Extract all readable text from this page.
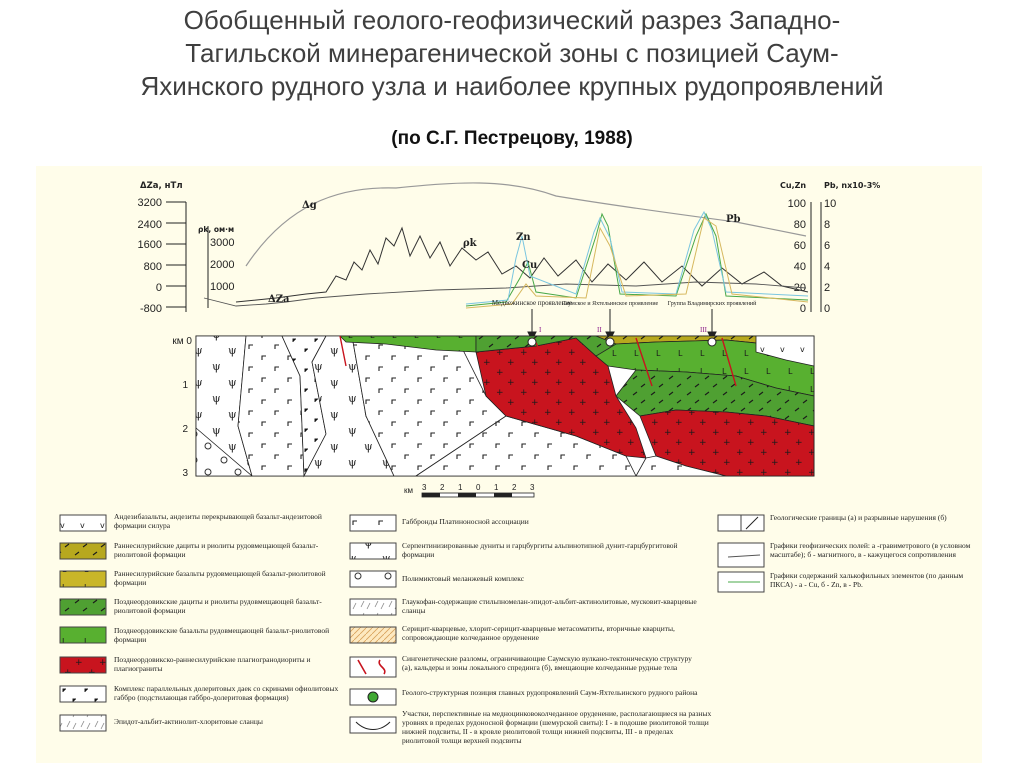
Обобщенный геолого-геофизический разрез Западно-
Тагильской минерагенической зоны с позицией Саум-
Яхинского рудного узла и наиболее крупных рудопроявлений
(по С.Г. Пестрецову, 1988)
ΔZa, нТл
3200
2400
1600
800
0
-800
ρk, ом·м
3000
2000
1000
Cu,Zn Pb, nx10-3%
100
80
60
40
20
0
10
8
6
4
2
0
Δg
ρk
Zn
Cu
Pb
ΔZa	Медвежинское проявление
Саумское и Яхтельинское проявление Группа Владимирских проявлений
I	II	III
км 0
1
2
3
км 3 2 1 0 1 2 3
Андезибазальты, андезиты перекрывающей базальт-андезитовой формации силура
Раннесилурийские дациты и риолиты рудовмещающей базальт-риолитовой формации
Раннесилурийские базальты рудовмещающей базальт-риолитовой формации
Позднеордовикские дациты и риолиты рудовмещающей базальт-риолитовой формации
Позднеордовикские базальты рудовмещающей базальт-риолитовой формации
Позднеордовикско-раннесилурийские плагиогранодиориты и плагиограниты
Комплекс параллельных долеритовых даек со скринами офиолитовых габбро (подстилающая габбро-долеритовая формация)
Эпидот-альбит-актинолит-хлоритовые сланцы
Габбронды Платиноносной ассоциации
Серпентинизированные дуниты и гарцбургиты альпинотипной дунит-гарцбургитовой формации
Полимиктовый меланжевый комплекс
Глаукофан-содержащие стильпномелан-эпидот-альбит-актинолитовые, мусковит-кварцевые сланцы
Серицит-кварцевые, хлорит-серицит-кварцевые метасоматиты, вторичные кварциты, сопровождающие колчеданное оруденение
Сингенетические разломы, ограничивающие Саумскую вулкано-тектоническую структуру (а), кальдеры и зоны локального спрединга (б), вмещающие колчеданные рудные тела
Геолого-структурная позиция главных рудопроявлений Саум-Яхтельинского рудного района
Участки, перспективные на медноцинковоколчеданное оруденение, располагающиеся на разных уровнях в пределах рудоносной формации (шемурской свиты): I - в подошве риолитовой толщи нижней подсвиты, II - в кровле риолитовой толщи нижней подсвиты, III - в пределах риолитовой толщи верхней подсвиты
Геологические границы (а) и разрывные нарушения (б)
Графики геофизических полей: а -гравиметрового (в условном масштабе); б - магнитного, в - кажущегося сопротивления
Графики содержаний халькофильных элементов (по данным ПКСА) - а - Cu, б - Zn, в - Pb.
